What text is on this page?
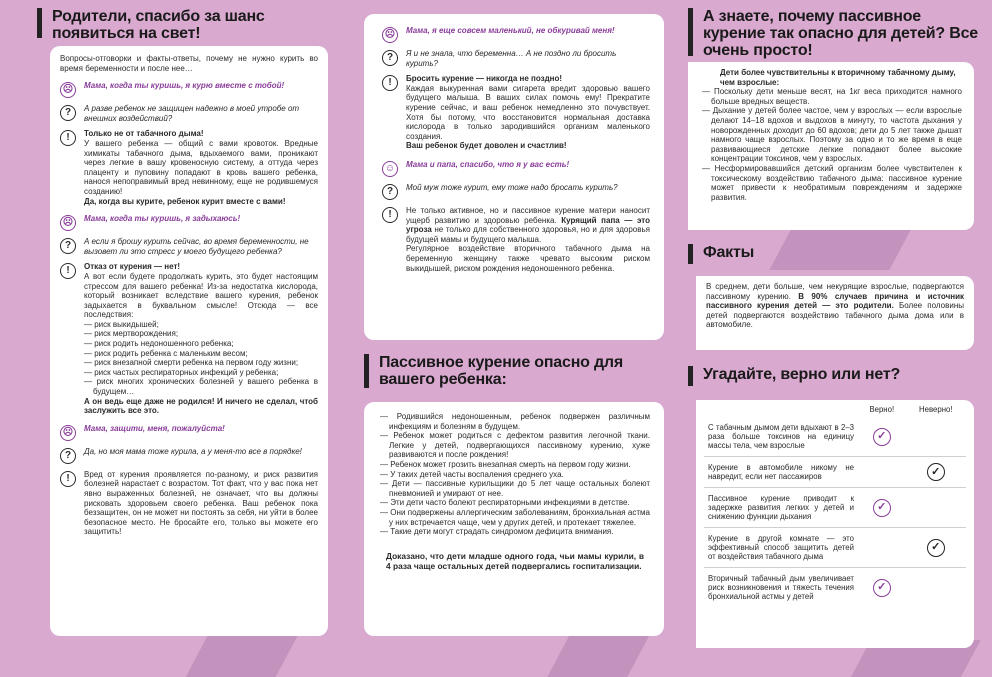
Родители, спасибо за шанс появиться на свет!
Вопросы-отговорки и факты-ответы, почему не нужно курить во время беременности и после нее…
☹	Мама, когда ты куришь, я курю вместе с тобой!
?	А разве ребенок не защищен надежно в моей утробе от внешних воздействий?
!	Только не от табачного дыма!
У вашего ребенка — общий с вами кровоток. Вредные химикаты табачного дыма, вдыхаемого вами, проникают через легкие в вашу кровеносную систему, а оттуда через плаценту и пуповину попадают в кровь вашего ребенка, нанося непоправимый вред невинному, еще не родившемуся созданию!
Да, когда вы курите, ребенок курит вместе с вами!
☹	Мама, когда ты куришь, я задыхаюсь!
?	А если я брошу курить сейчас, во время беременности, не вызовет ли это стресс у моего будущего ребенка?
!	Отказ от курения — нет!
А вот если будете продолжать курить, это будет настоящим стрессом для вашего ребенка! Из-за недостатка кислорода, который возникает вследствие вашего курения, ребенок задыхается в буквальном смысле! Отсюда — все последствия:
— риск выкидышей;
— риск мертворождения;
— риск родить недоношенного ребенка;
— риск родить ребенка с маленьким весом;
— риск внезапной смерти ребенка на первом году жизни;
— риск частых респираторных инфекций у ребенка;
— риск многих хронических болезней у вашего ребенка в будущем…
А он ведь еще даже не родился! И ничего не сделал, чтоб заслужить все это.
☹	Мама, защити, меня, пожалуйста!
?	Да, но моя мама тоже курила, а у меня-то все в порядке!
!	Вред от курения проявляется по-разному, и риск развития болезней нарастает с возрастом. Тот факт, что у вас пока нет явно выраженных болезней, не означает, что вы должны рисковать здоровьем своего ребенка. Ваш ребенок пока беззащитен, он не может ни постоять за себя, ни уйти в более безопасное место. Не бросайте его, только вы можете его защитить!
☹	Мама, я еще совсем маленький, не обкуривай меня!
?	Я и не знала, что беременна… А не поздно ли бросить курить?
!	Бросить курение — никогда не поздно!
Каждая выкуренная вами сигарета вредит здоровью вашего будущего малыша. В ваших силах помочь ему! Прекратите курение сейчас, и ваш ребенок немедленно это почувствует. Хотя бы потому, что восстановится нормальная доставка кислорода в только зародившийся организм маленького создания.
Ваш ребенок будет доволен и счастлив!
☺	Мама и папа, спасибо, что я у вас есть!
?	Мой муж тоже курит, ему тоже надо бросать курить?
!	Не только активное, но и пассивное курение матери наносит ущерб развитию и здоровью ребенка. Курящий папа — это угроза не только для собственного здоровья, но и для здоровья будущей мамы и будущего малыша.
Регулярное воздействие вторичного табачного дыма на беременную женщину также чревато высоким риском выкидышей, риском рождения недоношенного ребенка.
Пассивное курение опасно для вашего ребенка:
— Родившийся недоношенным, ребенок подвержен различным инфекциям и болезням в будущем.
— Ребенок может родиться с дефектом развития легочной ткани. Легкие у детей, подвергающихся пассивному курению, хуже развиваются и после рождения!
— Ребенок может грозить внезапная смерть на первом году жизни.
— У таких детей часты воспаления среднего уха.
— Дети — пассивные курильщики до 5 лет чаще остальных болеют пневмонией и умирают от нее.
— Эти дети часто болеют респираторными инфекциями в детстве.
— Они подвержены аллергическим заболеваниям, бронхиальная астма у них встречается чаще, чем у других детей, и протекает тяжелее.
— Такие дети могут страдать синдромом дефицита внимания.
Доказано, что дети младше одного года, чьи мамы курили, в 4 раза чаще остальных детей подвергались госпитализации.
А знаете, почему пассивное курение так опасно для детей? Все очень просто!
Дети более чувствительны к вторичному табачному дыму, чем взрослые:
— Поскольку дети меньше весят, на 1кг веса приходится намного больше вредных веществ.
— Дыхание у детей более частое, чем у взрослых — если взрослые делают 14–18 вдохов и выдохов в минуту, то частота дыхания у новорожденных доходит до 60 вдохов; дети до 5 лет также дышат намного чаще взрослых. Поэтому за одно и то же время в еще развивающиеся детские легкие попадают более высокие концентрации токсинов, чем у взрослых.
— Несформировавшийся детский организм более чувствителен к токсическому воздействию табачного дыма: пассивное курение может привести к необратимым повреждениям и задержке развития.
Факты
В среднем, дети больше, чем некурящие взрослые, подвергаются пассивному курению. В 90% случаев причина и источник пассивного курения детей — это родители. Более половины детей подвергаются воздействию табачного дыма дома или в автомобиле.
Угадайте, верно или нет?
	Верно!	Неверно!
С табачным дымом дети вдыхают в 2–3 раза больше токсинов на единицу массы тела, чем взрослые	✓	
Курение в автомобиле никому не навредит, если нет пассажиров		✓
Пассивное курение приводит к задержке развития легких у детей и снижению функции дыхания	✓	
Курение в другой комнате — это эффективный способ защитить детей от воздействия табачного дыма		✓
Вторичный табачный дым увеличивает риск возникновения и тяжесть течения бронхиальной астмы у детей	✓	
